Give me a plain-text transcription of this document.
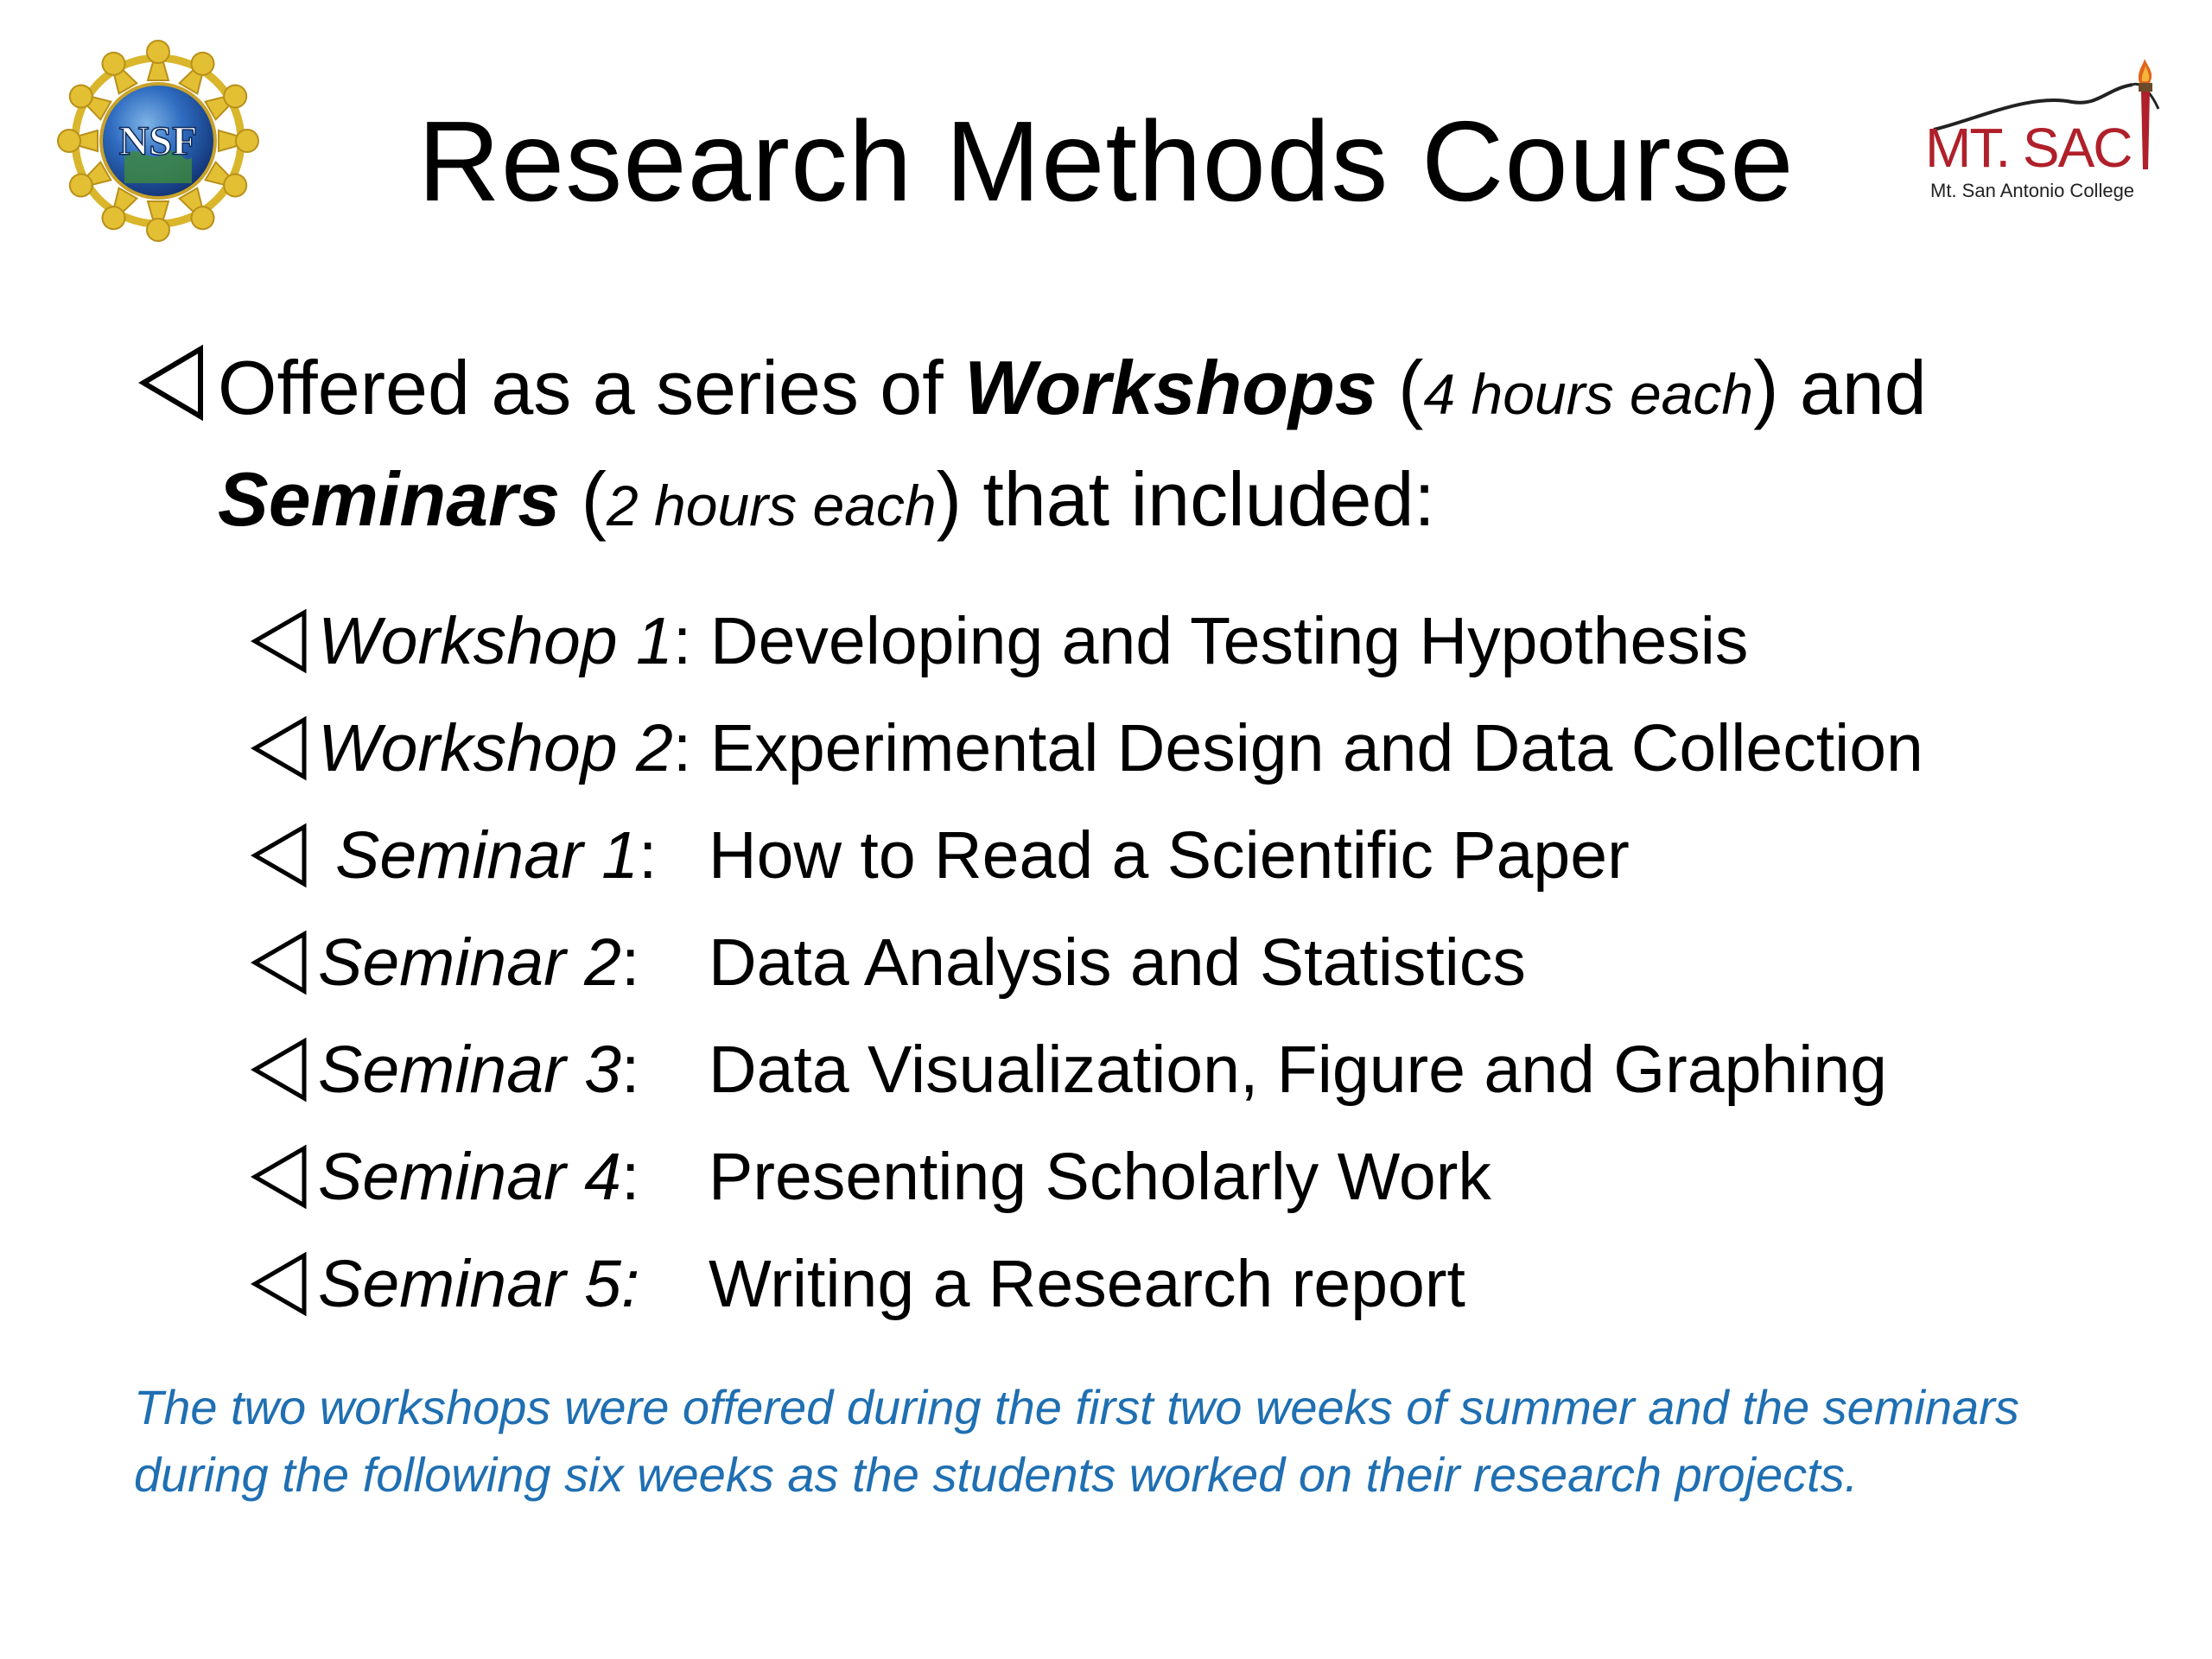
NSF	Research Methods Course	MT. SAC
Mt. San Antonio College
Offered as a series of Workshops (4 hours each) and
Seminars (2 hours each) that included:
Workshop 1: Developing and Testing Hypothesis
Workshop 2: Experimental Design and Data Collection
Seminar 1: How to Read a Scientific Paper
Seminar 2: Data Analysis and Statistics
Seminar 3: Data Visualization, Figure and Graphing
Seminar 4: Presenting Scholarly Work
Seminar 5: Writing a Research report
The two workshops were offered during the first two weeks of summer and the seminars
during the following six weeks as the students worked on their research projects.
